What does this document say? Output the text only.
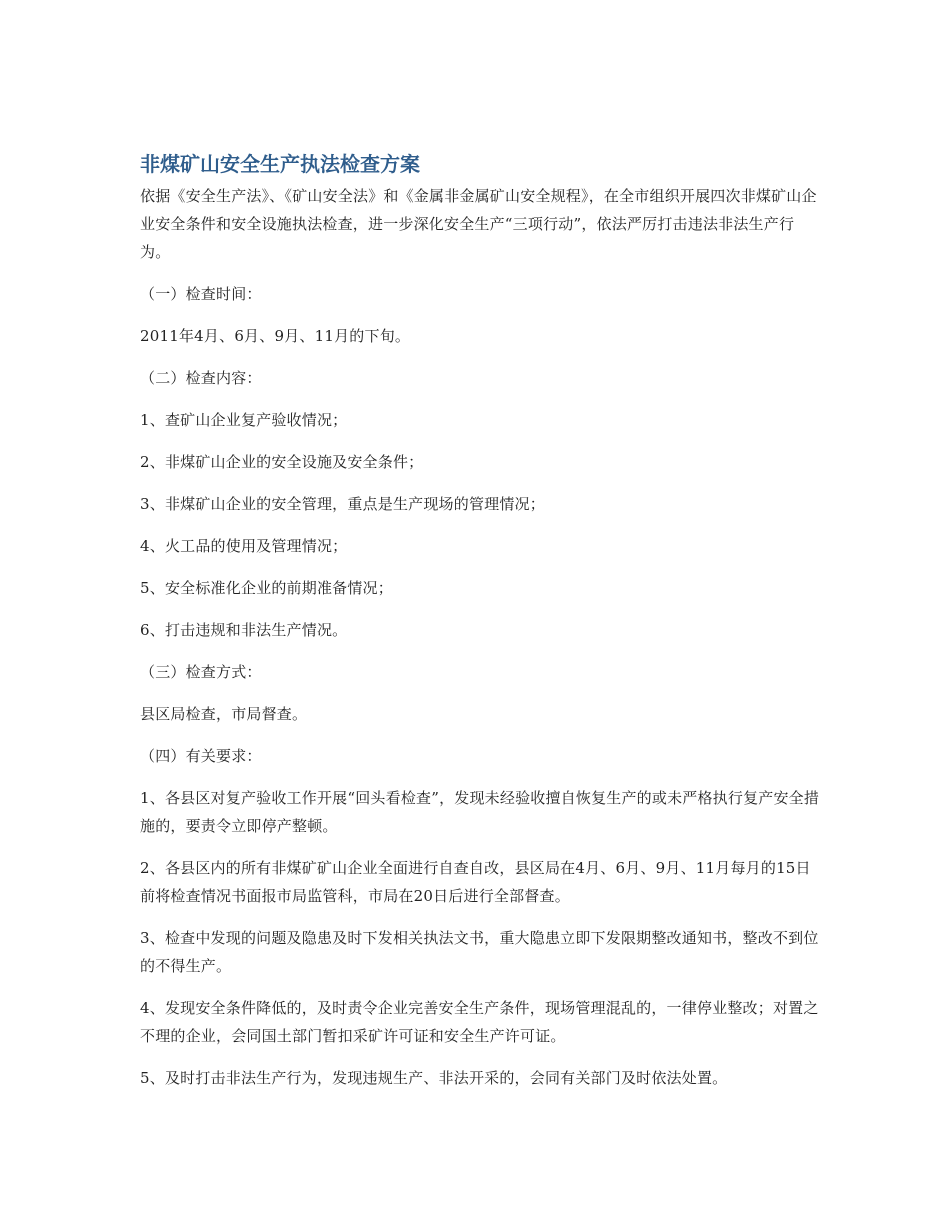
非煤矿山安全生产执法检查方案

依据《安全生产法》、《矿山安全法》和《金属非金属矿山安全规程》，在全市组织开展四次非煤矿山企业安全条件和安全设施执法检查，进一步深化安全生产“三项行动”，依法严厉打击违法非法生产行为。

（一）检查时间：

2011年4月、6月、9月、11月的下旬。

（二）检查内容：

1、查矿山企业复产验收情况；

2、非煤矿山企业的安全设施及安全条件；

3、非煤矿山企业的安全管理，重点是生产现场的管理情况；

4、火工品的使用及管理情况；

5、安全标准化企业的前期准备情况；

6、打击违规和非法生产情况。

（三）检查方式：

县区局检查，市局督查。

（四）有关要求：

1、各县区对复产验收工作开展“回头看检查”，发现未经验收擅自恢复生产的或未严格执行复产安全措施的，要责令立即停产整顿。

2、各县区内的所有非煤矿矿山企业全面进行自查自改，县区局在4月、6月、9月、11月每月的15日前将检查情况书面报市局监管科，市局在20日后进行全部督查。

3、检查中发现的问题及隐患及时下发相关执法文书，重大隐患立即下发限期整改通知书，整改不到位的不得生产。

4、发现安全条件降低的，及时责令企业完善安全生产条件，现场管理混乱的，一律停业整改；对置之不理的企业，会同国土部门暂扣采矿许可证和安全生产许可证。

5、及时打击非法生产行为，发现违规生产、非法开采的，会同有关部门及时依法处置。
